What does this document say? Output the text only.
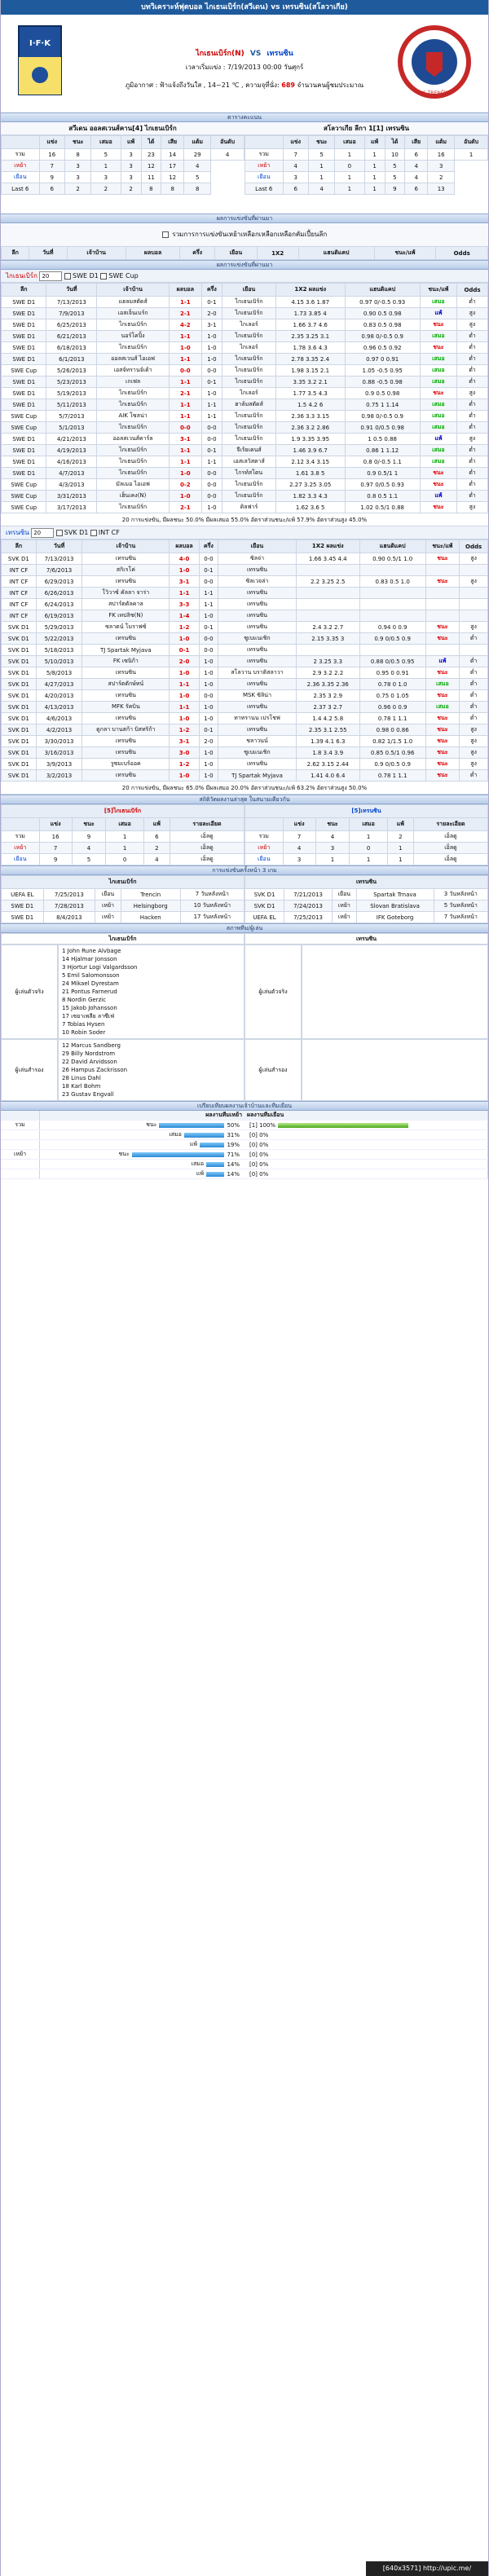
บทวิเคราะห์ฟุตบอล ไกเธนเบิร์ก(สวีเดน) vs เทรนซิน(สโลวาเกีย)
I·F·K
ไกเธนเบิร์ก(N) VS เทรนซิน
เวลาเริ่มแข่ง : 7/19/2013 00:00 วันศุกร์
ภูมิอากาศ : ฟ้าแจ้งถึงวันใส , 14~21 ℃ , ความจุที่นั่ง: 689 จำนวนคนผู้ชมประมาณ
AS TRENČÍN
ตารางคะแนน
สวีเดน ออลสเวนส์คาน[4] ไกเธนเบิร์ก
	แข่ง	ชนะ	เสมอ	แพ้	ได้	เสีย	แต้ม	อันดับ
รวม	16	8	5	3	23	14	29	4
เหย้า	7	3	1	3	12	17	4	
เยือน	9	3	3	3	11	12	5	
Last 6	6	2	2	2	8	8	8	
สโลวาเกีย ลีกา 1[1] เทรนซิน
	แข่ง	ชนะ	เสมอ	แพ้	ได้	เสีย	แต้ม	อันดับ
รวม	7	5	1	1	10	6	16	1
เหย้า	4	1	0	1	5	4	3	
เยือน	3	1	1	1	5	4	2	
Last 6	6	4	1	1	9	6	13	
ผลการแข่งขันที่ผ่านมา
รวมการการแข่งขันเหย้าเหลือกเหลือกเหลือกคัมเปี้ยนลีก
ลีก	วันที่	เจ้าบ้าน	ผลบอล	ครึ่ง	เยือน	1X2	แฮนดิแคป	ชนะ/แพ้	Odds
ผลการแข่งขันที่ผ่านมา
ไกเธนเบิร์ก 20	SWE D1 SWE Cup
ลีก	วันที่	เจ้าบ้าน	ผลบอล	ครึ่ง	เยือน	1X2 ผลแข่ง	แฮนดิแคป	ชนะ/แพ้	Odds
SWE D1	7/13/2013	แฮลมสตัดส์	1-1	0-1	ไกเธนเบิร์ก	4.15 3.6 1.87	0.97 0/-0.5 0.93	เสมอ	ต่ำ
SWE D1	7/9/2013	เอสเจ็นเบร์ก	2-1	2-0	ไกเธนเบิร์ก	1.73 3.85 4	0.90 0.5 0.98	แพ้	สูง
SWE D1	6/25/2013	ไกเธนเบิร์ก	4-2	3-1	ไกเลอร์	1.66 3.7 4.6	0.83 0.5 0.98	ชนะ	สูง
SWE D1	6/21/2013	นอร์โคปิ้ง	1-1	1-0	ไกเธนเบิร์ก	2.35 3.25 3.1	0.98 0/-0.5 0.9	เสมอ	ต่ำ
SWE D1	6/18/2013	ไกเธนเบิร์ก	1-0	1-0	ไกเลอร์	1.78 3.6 4.3	0.96 0.5 0.92	ชนะ	ต่ำ
SWE D1	6/1/2013	ออลสเวนส์ ไอเอฟ	1-1	1-0	ไกเธนเบิร์ก	2.78 3.35 2.4	0.97 0 0.91	เสมอ	ต่ำ
SWE Cup	5/26/2013	เอสจ์ทรานจ์เด้า	0-0	0-0	ไกเธนเบิร์ก	1.98 3.15 2.1	1.05 -0.5 0.95	เสมอ	ต่ำ
SWE D1	5/23/2013	เกเฟล	1-1	0-1	ไกเธนเบิร์ก	3.35 3.2 2.1	0.88 -0.5 0.98	เสมอ	ต่ำ
SWE D1	5/19/2013	ไกเธนเบิร์ก	2-1	1-0	ไกเลอร์	1.77 3.5 4.3	0.9 0.5 0.98	ชนะ	สูง
SWE D1	5/11/2013	ไกเธนเบิร์ก	1-1	1-1	ฮาล์มสตัดส์	1.5 4.2 6	0.75 1 1.14	เสมอ	ต่ำ
SWE Cup	5/7/2013	AIK โซลน่า	1-1	1-1	ไกเธนเบิร์ก	2.36 3.3 3.15	0.98 0/-0.5 0.9	เสมอ	ต่ำ
SWE Cup	5/1/2013	ไกเธนเบิร์ก	0-0	0-0	ไกเธนเบิร์ก	2.36 3.2 2.86	0.91 0/0.5 0.98	เสมอ	ต่ำ
SWE D1	4/21/2013	ออลสเวนส์คาร์ล	3-1	0-0	ไกเธนเบิร์ก	1.9 3.35 3.95	1 0.5 0.88	แพ้	สูง
SWE D1	4/19/2013	ไกเธนเบิร์ก	1-1	0-1	จีเร้ยเคนส์	1.46 3.9 6.7	0.86 1 1.12	เสมอ	ต่ำ
SWE D1	4/16/2013	ไกเธนเบิร์ก	1-1	1-1	เอสเลวิสตาส์	2.12 3.4 3.15	0.8 0/-0.5 1.1	เสมอ	ต่ำ
SWE D1	4/7/2013	ไกเธนเบิร์ก	1-0	0-0	ไกรท์สโตน	1.61 3.8 5	0.9 0.5/1 1	ชนะ	ต่ำ
SWE Cup	4/3/2013	มัลเมอ ไอเอฟ	0-2	0-0	ไกเธนเบิร์ก	2.27 3.25 3.05	0.97 0/0.5 0.93	ชนะ	ต่ำ
SWE Cup	3/31/2013	เฮ็นเคง(N)	1-0	0-0	ไกเธนเบิร์ก	1.82 3.3 4.3	0.8 0.5 1.1	แพ้	ต่ำ
SWE Cup	3/17/2013	ไกเธนเบิร์ก	2-1	1-0	ดิลฟาร์	1.62 3.6 5	1.02 0.5/1 0.88	ชนะ	สูง
20 การแข่งขัน, มีผลชนะ 50.0% มีผลเสมอ 55.0% อัตราส่วนชนะ/แพ้ 57.9% อัตราส่วนสูง 45.0%
เทรนซิน 20	SVK D1 INT CF
ลีก	วันที่	เจ้าบ้าน	ผลบอล	ครึ่ง	เยือน	1X2 ผลแข่ง	แฮนดิแคป	ชนะ/แพ้	Odds
SVK D1	7/13/2013	เทรนซิน	4-0	0-0	ซิลจ่า	1.66 3.45 4.4	0.90 0.5/1 1.0	ชนะ	สูง
INT CF	7/6/2013	สกิเรโค่	1-0	0-1	เทรนซิน				
INT CF	6/29/2013	เทรนซิน	3-1	0-0	ซิลเวจล่า	2.2 3.25 2.5	0.83 0.5 1.0	ชนะ	สูง
INT CF	6/26/2013	โวิวาซ์ คัลลา จาร่า	1-1	1-1	เทรนซิน				
INT CF	6/24/2013	สปาร์ตตัลคาล	3-3	1-1	เทรนซิน				
INT CF	6/19/2013	FK เทปลิช(N)	1-4	1-0	เทรนซิน				
SVK D1	5/29/2013	ซลาตน์ โมราฟซ์	1-2	0-1	เทรนซิน	2.4 3.2 2.7	0.94 0 0.9	ชนะ	สูง
SVK D1	5/22/2013	เทรนซิน	1-0	0-0	ซูเบแนเชิก	2.15 3.35 3	0.9 0/0.5 0.9	ชนะ	ต่ำ
SVK D1	5/18/2013	TJ Spartak Myjava	0-1	0-0	เทรนซิน				
SVK D1	5/10/2013	FK เซนิก้า	2-0	1-0	เทรนซิน	2 3.25 3.3	0.88 0/0.5 0.95	แพ้	ต่ำ
SVK D1	5/8/2013	เทรนซิน	1-0	1-0	สโลวาน บราติสลาวา	2.9 3.2 2.2	0.95 0 0.91	ชนะ	ต่ำ
SVK D1	4/27/2013	สปาร์ตตักษ์ทน์	1-1	1-0	เทรนซิน	2.36 3.35 2.36	0.78 0 1.0	เสมอ	ต่ำ
SVK D1	4/20/2013	เทรนซิน	1-0	0-0	MSK ซิลิน่า	2.35 3 2.9	0.75 0 1.05	ชนะ	ต่ำ
SVK D1	4/13/2013	MFK รัคบิน	1-1	1-0	เทรนซิน	2.37 3 2.7	0.96 0 0.9	เสมอ	ต่ำ
SVK D1	4/6/2013	เทรนซิน	1-0	1-0	ทาทรานน เปรโชฟ	1.4 4.2 5.8	0.78 1 1.1	ชนะ	ต่ำ
SVK D1	4/2/2013	ดูกลา บานสก้า บิสทริก้า	1-2	0-1	เทรนซิน	2.35 3.1 2.55	0.98 0 0.86	ชนะ	สูง
SVK D1	3/30/2013	เทรนซิน	3-1	2-0	ชลาวนน์	1.39 4.1 6.3	0.82 1/1.5 1.0	ชนะ	สูง
SVK D1	3/16/2013	เทรนซิน	3-0	1-0	ซูเบแนเชิก	1.8 3.4 3.9	0.85 0.5/1 0.96	ชนะ	สูง
SVK D1	3/9/2013	รูซมเบร์ออค	1-2	1-0	เทรนซิน	2.62 3.15 2.44	0.9 0/0.5 0.9	ชนะ	สูง
SVK D1	3/2/2013	เทรนซิน	1-0	1-0	TJ Spartak Myjava	1.41 4.0 6.4	0.78 1 1.1	ชนะ	ต่ำ
20 การแข่งขัน, มีผลชนะ 65.0% มีผลเสมอ 20.0% อัตราส่วนชนะ/แพ้ 63.2% อัตราส่วนสูง 50.0%
สถิติวัดผลงานล่าสุด ในสนามเดียวกัน
[5]ไกเธนเบิร์ก					
	แข่ง	ชนะ	เสมอ	แพ้	รายละเอียด
รวม	16	9	1	6	เอ็ลดู
เหย้า	7	4	1	2	เอ็ลดู
เยือน	9	5	0	4	เอ็ลดู
[5]เทรนซิน					
	แข่ง	ชนะ	เสมอ	แพ้	รายละเอียด
รวม	7	4	1	2	เอ็ลดู
เหย้า	4	3	0	1	เอ็ลดู
เยือน	3	1	1	1	เอ็ลดู
การแข่งขันครั้งหน้า 3 เกม
ไกเธนเบิร์ก				
UEFA EL	7/25/2013	เยือน	Trencin	7 วันหลังหน้า
SWE D1	7/28/2013	เหย้า	Helsingborg	10 วันหลังหน้า
SWE D1	8/4/2013	เหย้า	Hacken	17 วันหลังหน้า
เทรนซิน				
SVK D1	7/21/2013	เยือน	Spartak Trnava	3 วันหลังหน้า
SVK D1	7/24/2013	เหย้า	Slovan Bratislava	5 วันหลังหน้า
UEFA EL	7/25/2013	เหย้า	IFK Goteborg	7 วันหลังหน้า
สภาพทีม/ผู้เล่น
ไกเธนเบิร์ก	เทรนซิน
ผู้เล่นตัวจริง
1 John Rune Alvbage
14 Hjalmar Jonsson
3 Hjortur Logi Valgardsson
5 Emil Salomonsson
24 Mikael Dyrestam
21 Pontus Farnerud
8 Nordin Gerzic
15 Jakob Johansson
17 เซยาเพลีย ลาซีเฟ่
7 Tobias Hysen
10 Robin Soder
ผู้เล่นตัวจริง
ผู้เล่นสำรอง
12 Marcus Sandberg
29 Billy Nordstrom
22 David Arvidsson
26 Hampus Zackrisson
28 Linus Dahl
18 Karl Bohm
23 Gustav Engvall
ผู้เล่นสำรอง
เปรียบเทียบผลงานเจ้าบ้านและทีมเยือน
ผลงานทีมเหย้า ผลงานทีมเยือน
รวม	ชนะ	50% [1] 100%
เสมอ	31% [0] 0%
แพ้	19% [0] 0%
เหย้า	ชนะ	71% [0] 0%
เสมอ	14% [0] 0%
แพ้	14% [0] 0%
[640x3571] http://upic.me/
